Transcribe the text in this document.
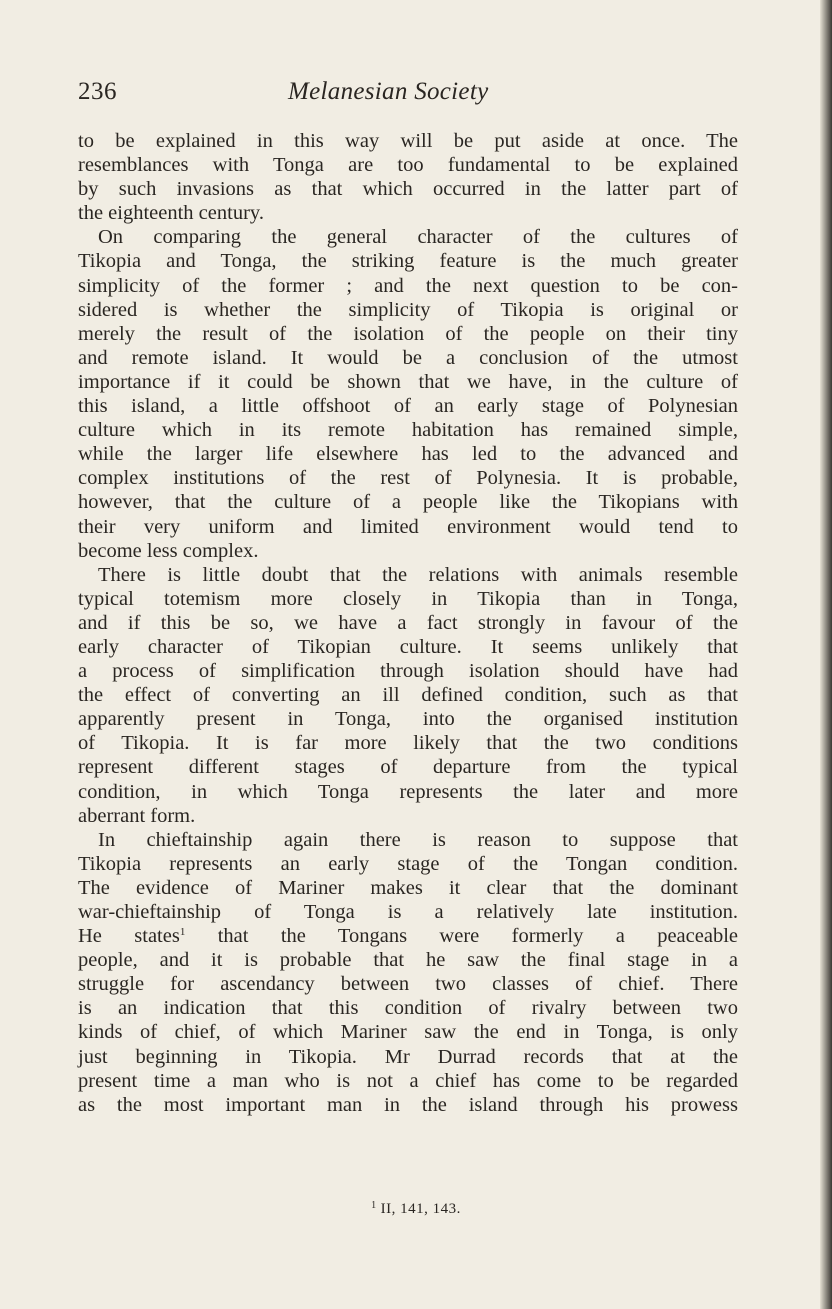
236	Melanesian Society
to be explained in this way will be put aside at once. The
resemblances with Tonga are too fundamental to be explained
by such invasions as that which occurred in the latter part of
the eighteenth century.
On comparing the general character of the cultures of
Tikopia and Tonga, the striking feature is the much greater
simplicity of the former ; and the next question to be con-
sidered is whether the simplicity of Tikopia is original or
merely the result of the isolation of the people on their tiny
and remote island. It would be a conclusion of the utmost
importance if it could be shown that we have, in the culture of
this island, a little offshoot of an early stage of Polynesian
culture which in its remote habitation has remained simple,
while the larger life elsewhere has led to the advanced and
complex institutions of the rest of Polynesia. It is probable,
however, that the culture of a people like the Tikopians with
their very uniform and limited environment would tend to
become less complex.
There is little doubt that the relations with animals resemble
typical totemism more closely in Tikopia than in Tonga,
and if this be so, we have a fact strongly in favour of the
early character of Tikopian culture. It seems unlikely that
a process of simplification through isolation should have had
the effect of converting an ill defined condition, such as that
apparently present in Tonga, into the organised institution
of Tikopia. It is far more likely that the two conditions
represent different stages of departure from the typical
condition, in which Tonga represents the later and more
aberrant form.
In chieftainship again there is reason to suppose that
Tikopia represents an early stage of the Tongan condition.
The evidence of Mariner makes it clear that the dominant
war-chieftainship of Tonga is a relatively late institution.
He states$^1$ that the Tongans were formerly a peaceable
people, and it is probable that he saw the final stage in a
struggle for ascendancy between two classes of chief. There
is an indication that this condition of rivalry between two
kinds of chief, of which Mariner saw the end in Tonga, is only
just beginning in Tikopia. Mr Durrad records that at the
present time a man who is not a chief has come to be regarded
as the most important man in the island through his prowess
$^1$ II, 141, 143.
